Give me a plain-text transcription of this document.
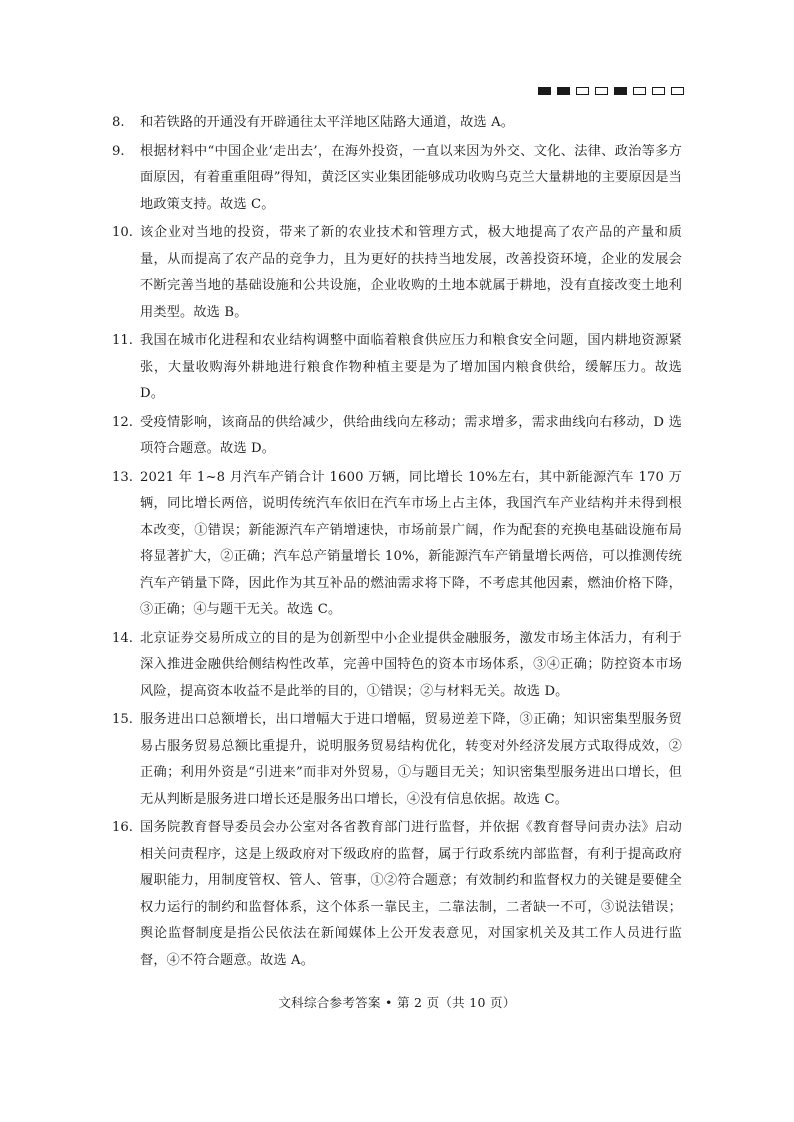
8.	和若铁路的开通没有开辟通往太平洋地区陆路大通道，故选 A。
9.	根据材料中“中国企业‘走出去’，在海外投资，一直以来因为外交、文化、法律、政治等多方面原因，有着重重阻碍”得知，黄泛区实业集团能够成功收购乌克兰大量耕地的主要原因是当地政策支持。故选 C。
10. 该企业对当地的投资，带来了新的农业技术和管理方式，极大地提高了农产品的产量和质量，从而提高了农产品的竞争力，且为更好的扶持当地发展，改善投资环境，企业的发展会不断完善当地的基础设施和公共设施，企业收购的土地本就属于耕地，没有直接改变土地利用类型。故选 B。
11. 我国在城市化进程和农业结构调整中面临着粮食供应压力和粮食安全问题，国内耕地资源紧张，大量收购海外耕地进行粮食作物种植主要是为了增加国内粮食供给，缓解压力。故选 D。
12. 受疫情影响，该商品的供给减少，供给曲线向左移动；需求增多，需求曲线向右移动，D 选项符合题意。故选 D。
13. 2021 年 1~8 月汽车产销合计 1600 万辆，同比增长 10%左右，其中新能源汽车 170 万辆，同比增长两倍，说明传统汽车依旧在汽车市场上占主体，我国汽车产业结构并未得到根本改变，①错误；新能源汽车产销增速快，市场前景广阔，作为配套的充换电基础设施布局将显著扩大，②正确；汽车总产销量增长 10%，新能源汽车产销量增长两倍，可以推测传统汽车产销量下降，因此作为其互补品的燃油需求将下降，不考虑其他因素，燃油价格下降，③正确；④与题干无关。故选 C。
14. 北京证券交易所成立的目的是为创新型中小企业提供金融服务，激发市场主体活力，有利于深入推进金融供给侧结构性改革，完善中国特色的资本市场体系，③④正确；防控资本市场风险，提高资本收益不是此举的目的，①错误；②与材料无关。故选 D。
15. 服务进出口总额增长，出口增幅大于进口增幅，贸易逆差下降，③正确；知识密集型服务贸易占服务贸易总额比重提升，说明服务贸易结构优化，转变对外经济发展方式取得成效，②正确；利用外资是“引进来”而非对外贸易，①与题目无关；知识密集型服务进出口增长，但无从判断是服务进口增长还是服务出口增长，④没有信息依据。故选 C。
16. 国务院教育督导委员会办公室对各省教育部门进行监督，并依据《教育督导问责办法》启动相关问责程序，这是上级政府对下级政府的监督，属于行政系统内部监督，有利于提高政府履职能力，用制度管权、管人、管事，①②符合题意；有效制约和监督权力的关键是要健全权力运行的制约和监督体系，这个体系一靠民主，二靠法制，二者缺一不可，③说法错误；舆论监督制度是指公民依法在新闻媒体上公开发表意见，对国家机关及其工作人员进行监督，④不符合题意。故选 A。
文科综合参考答案 • 第 2 页（共 10 页）
